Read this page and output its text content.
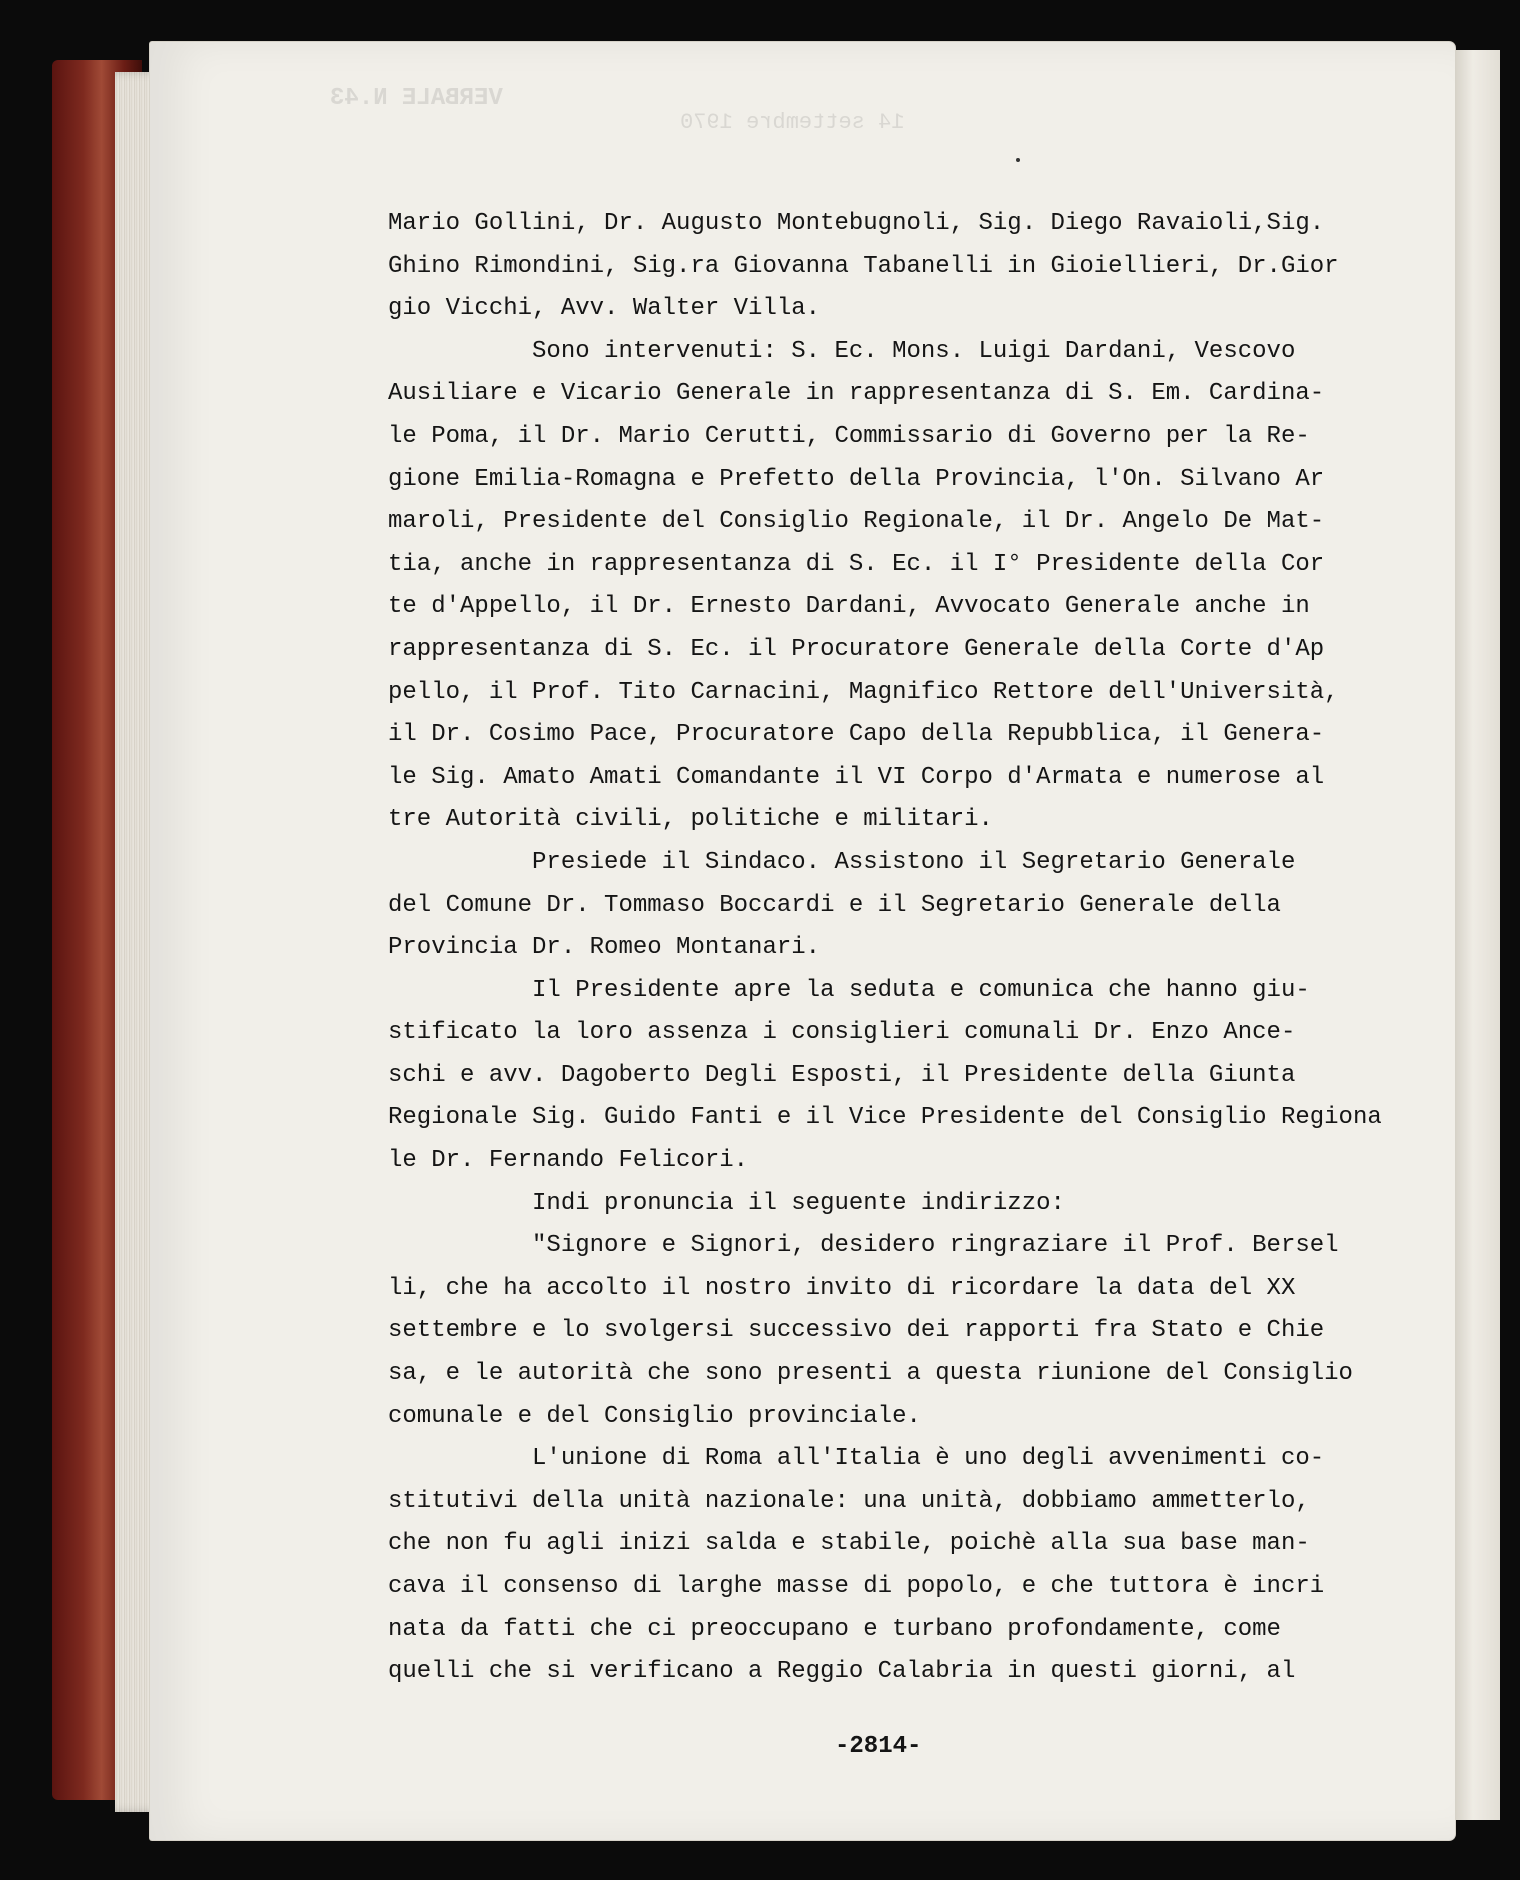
Mario Gollini, Dr. Augusto Montebugnoli, Sig. Diego Ravaioli,Sig.
Ghino Rimondini, Sig.ra Giovanna Tabanelli in Gioiellieri, Dr.Gior
gio Vicchi, Avv. Walter Villa.
Sono intervenuti: S. Ec. Mons. Luigi Dardani, Vescovo
Ausiliare e Vicario Generale in rappresentanza di S. Em. Cardina-
le Poma, il Dr. Mario Cerutti, Commissario di Governo per la Re-
gione Emilia-Romagna e Prefetto della Provincia, l'On. Silvano Ar
maroli, Presidente del Consiglio Regionale, il Dr. Angelo De Mat-
tia, anche in rappresentanza di S. Ec. il I° Presidente della Cor
te d'Appello, il Dr. Ernesto Dardani, Avvocato Generale anche in
rappresentanza di S. Ec. il Procuratore Generale della Corte d'Ap
pello, il Prof. Tito Carnacini, Magnifico Rettore dell'Università,
il Dr. Cosimo Pace, Procuratore Capo della Repubblica, il Genera-
le Sig. Amato Amati Comandante il VI Corpo d'Armata e numerose al
tre Autorità civili, politiche e militari.
Presiede il Sindaco. Assistono il Segretario Generale
del Comune Dr. Tommaso Boccardi e il Segretario Generale della
Provincia Dr. Romeo Montanari.
Il Presidente apre la seduta e comunica che hanno giu-
stificato la loro assenza i consiglieri comunali Dr. Enzo Ance-
schi e avv. Dagoberto Degli Esposti, il Presidente della Giunta
Regionale Sig. Guido Fanti e il Vice Presidente del Consiglio Regiona
le Dr. Fernando Felicori.
Indi pronuncia il seguente indirizzo:
"Signore e Signori, desidero ringraziare il Prof. Bersel
li, che ha accolto il nostro invito di ricordare la data del XX
settembre e lo svolgersi successivo dei rapporti fra Stato e Chie
sa, e le autorità che sono presenti a questa riunione del Consiglio
comunale e del Consiglio provinciale.
L'unione di Roma all'Italia è uno degli avvenimenti co-
stitutivi della unità nazionale: una unità, dobbiamo ammetterlo,
che non fu agli inizi salda e stabile, poichè alla sua base man-
cava il consenso di larghe masse di popolo, e che tuttora è incri
nata da fatti che ci preoccupano e turbano profondamente, come
quelli che si verificano a Reggio Calabria in questi giorni, al
-2814-
